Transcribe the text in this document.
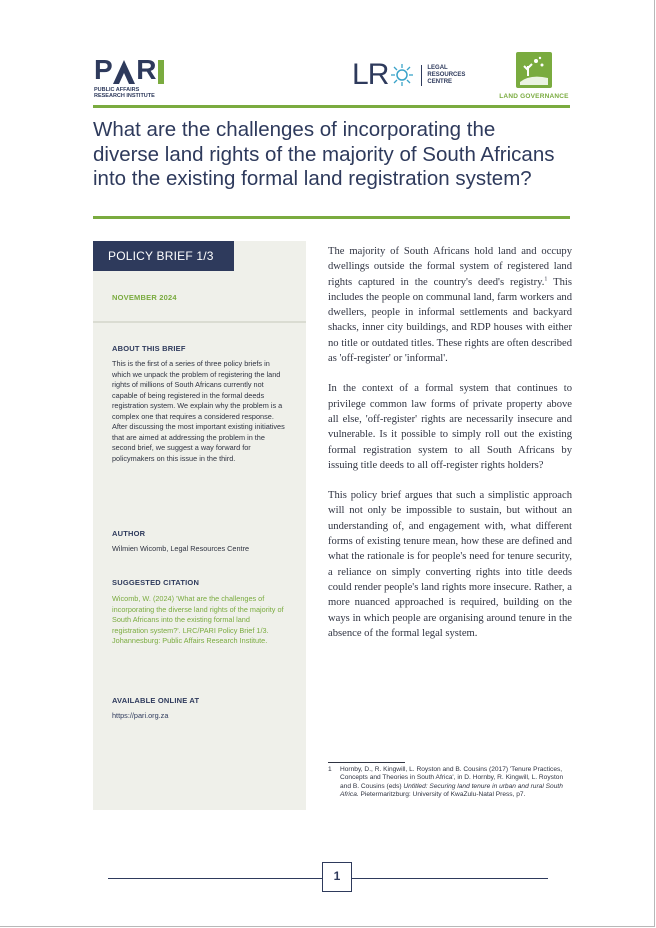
P R
PUBLIC AFFAIRS
RESEARCH INSTITUTE
L R	LEGAL
RESOURCES
CENTRE
LAND GOVERNANCE
What are the challenges of incorporating the diverse land rights of the majority of South Africans into the existing formal land registration system?
POLICY BRIEF 1/3
NOVEMBER 2024
ABOUT THIS BRIEF
This is the first of a series of three policy briefs in which we unpack the problem of registering the land rights of millions of South Africans currently not capable of being registered in the formal deeds registration system. We explain why the problem is a complex one that requires a considered response. After discussing the most important existing initiatives that are aimed at addressing the problem in the second brief, we suggest a way forward for policymakers on this issue in the third.
AUTHOR
Wilmien Wicomb, Legal Resources Centre
SUGGESTED CITATION
Wicomb, W. (2024) 'What are the challenges of incorporating the diverse land rights of the majority of South Africans into the existing formal land registration system?'. LRC/PARI Policy Brief 1/3. Johannesburg: Public Affairs Research Institute.
AVAILABLE ONLINE AT
https://pari.org.za

The majority of South Africans hold land and occupy dwellings outside the formal system of registered land rights captured in the country's deed's registry.$^1$ This includes the people on communal land, farm workers and dwellers, people in informal settlements and backyard shacks, inner city buildings, and RDP houses with either no title or outdated titles. These rights are often described as 'off-register' or 'informal'.

In the context of a formal system that continues to privilege common law forms of private property above all else, 'off-register' rights are necessarily insecure and vulnerable. Is it possible to simply roll out the existing formal registration system to all South Africans by issuing title deeds to all off-register rights holders?

This policy brief argues that such a simplistic approach will not only be impossible to sustain, but without an understanding of, and engagement with, what different forms of existing tenure mean, how these are defined and what the rationale is for people's need for tenure security, a reliance on simply converting rights into title deeds could render people's land rights more insecure. Rather, a more nuanced approached is required, building on the ways in which people are organising around tenure in the absence of the formal legal system.

1	Hornby, D., R. Kingwill, L. Royston and B. Cousins (2017) 'Tenure Practices, Concepts and Theories in South Africa', in D. Hornby, R. Kingwill, L. Royston and B. Cousins (eds) Untitled: Securing land tenure in urban and rural South Africa. Pietermaritzburg: University of KwaZulu-Natal Press, p7.
1
